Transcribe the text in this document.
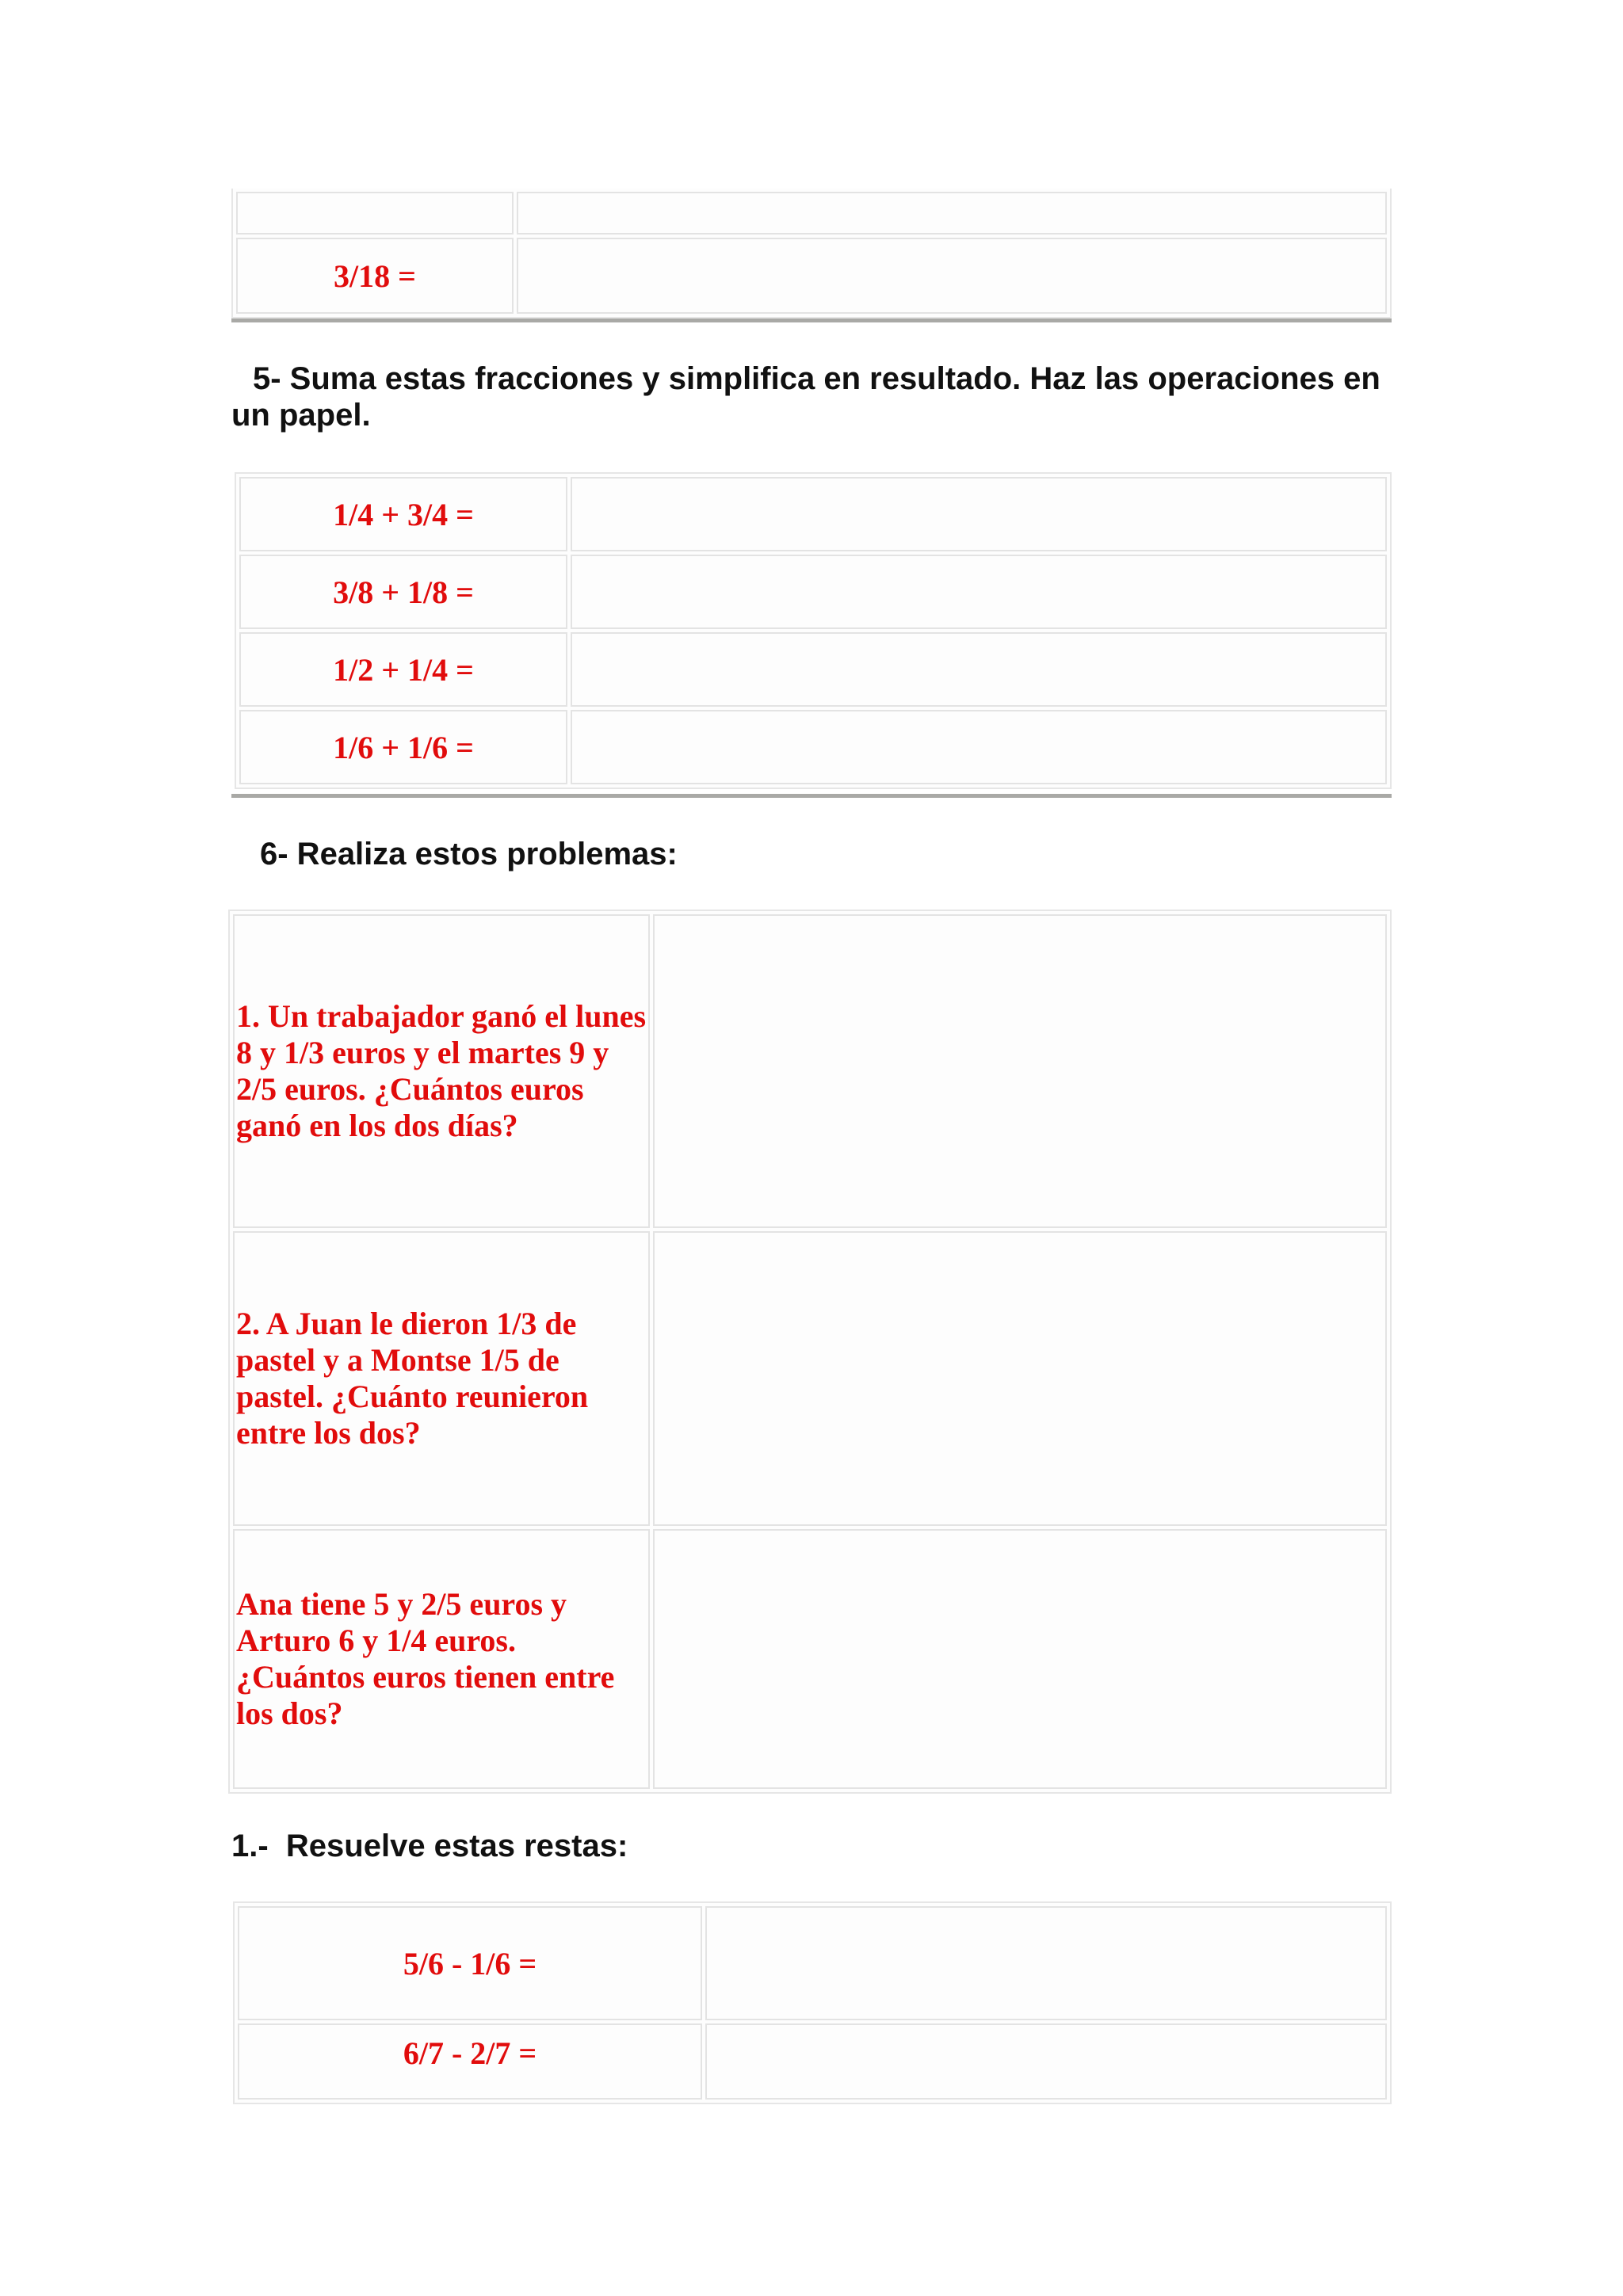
3/18 =	

5- Suma estas fracciones y simplifica en resultado. Haz las operaciones en un papel.

1/4 + 3/4 =	
3/8 + 1/8 =	
1/2 + 1/4 =	
1/6 + 1/6 =	

6- Realiza estos problemas:

1. Un trabajador ganó el lunes 8 y 1/3 euros y el martes 9 y 2/5 euros. ¿Cuántos euros ganó en los dos días?	
2. A Juan le dieron 1/3 de pastel y a Montse 1/5 de pastel. ¿Cuánto reunieron entre los dos?	
Ana tiene 5 y 2/5 euros y Arturo 6 y 1/4 euros. ¿Cuántos euros tienen entre los dos?	

1.-  Resuelve estas restas:

5/6 - 1/6 =	
6/7 - 2/7 =	
